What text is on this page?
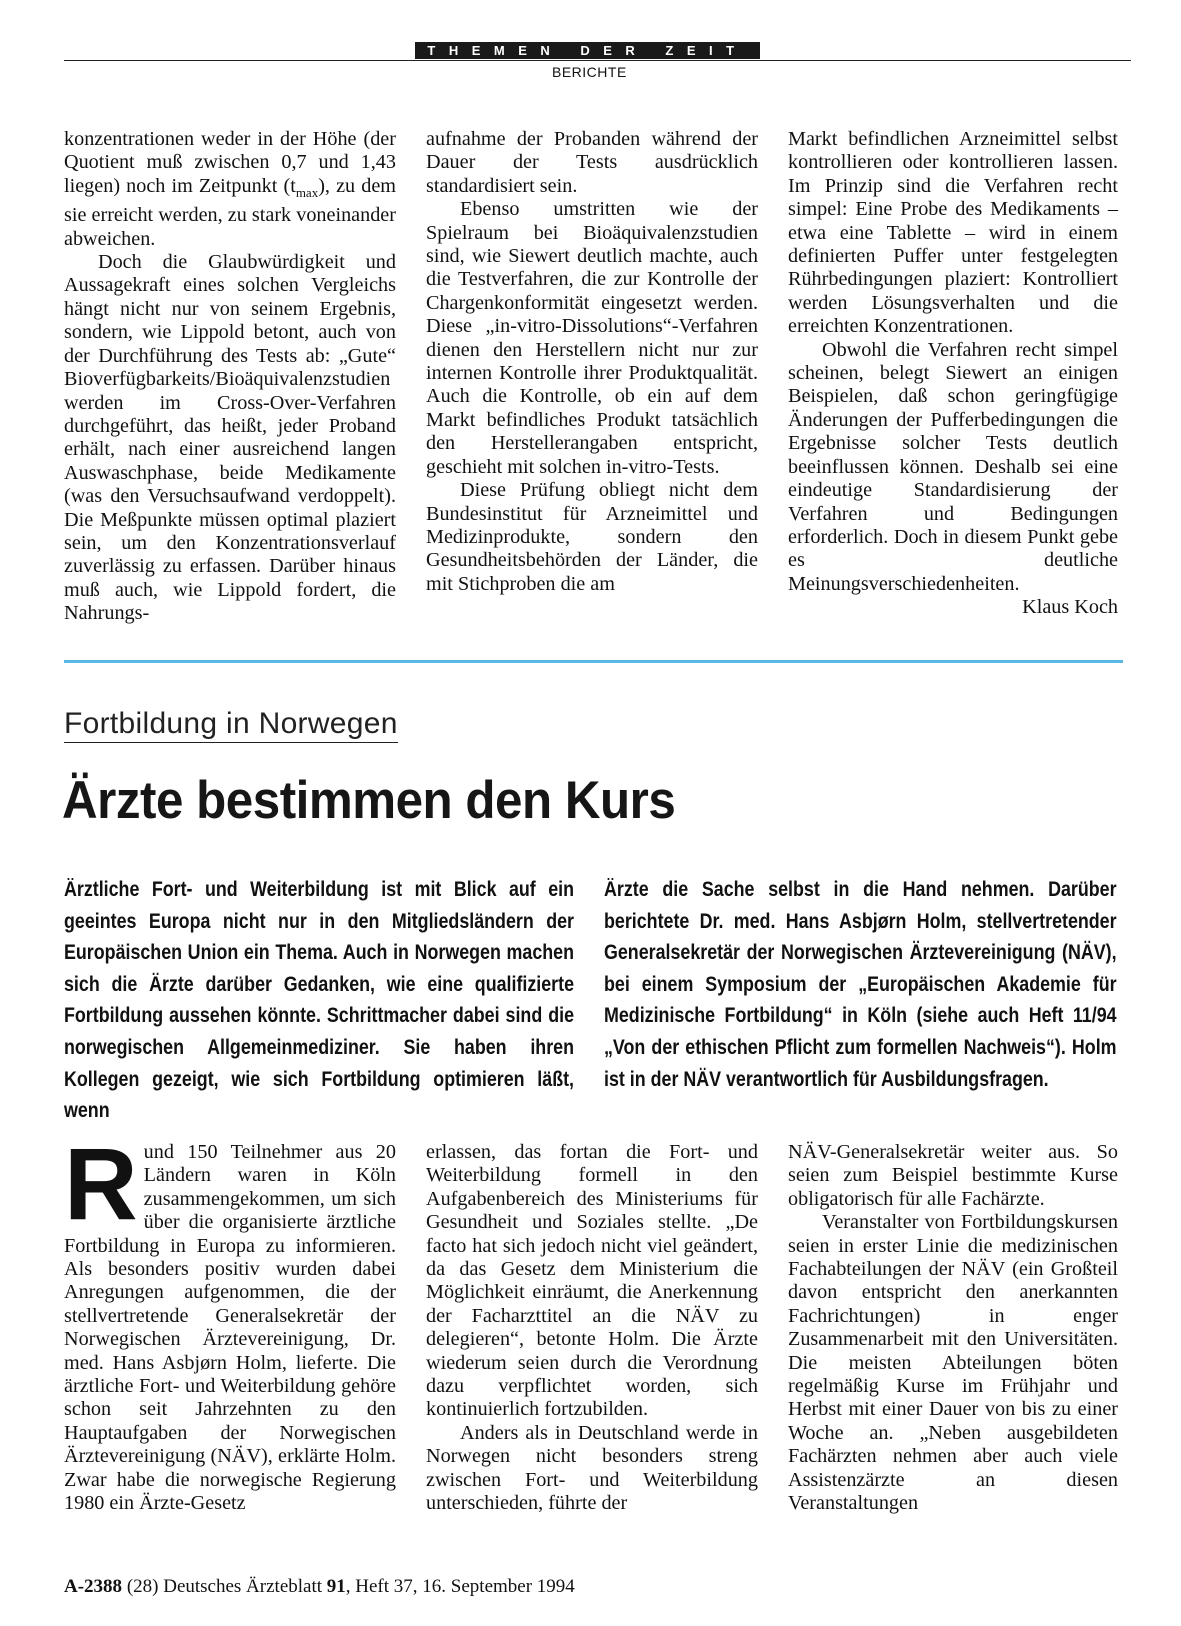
THEMEN DER ZEIT
BERICHTE

konzentrationen weder in der Höhe (der Quotient muß zwischen 0,7 und 1,43 liegen) noch im Zeitpunkt $(t_{max})$, zu dem sie erreicht werden, zu stark voneinander abweichen.

Doch die Glaubwürdigkeit und Aussagekraft eines solchen Vergleichs hängt nicht nur von seinem Ergebnis, sondern, wie Lippold betont, auch von der Durchführung des Tests ab: „Gute“ Bioverfügbarkeits/Bioäquivalenzstudien werden im Cross-Over-Verfahren durchgeführt, das heißt, jeder Proband erhält, nach einer ausreichend langen Auswaschphase, beide Medikamente (was den Versuchsaufwand verdoppelt). Die Meßpunkte müssen optimal plaziert sein, um den Konzentrationsverlauf zuverlässig zu erfassen. Darüber hinaus muß auch, wie Lippold fordert, die Nahrungs-

aufnahme der Probanden während der Dauer der Tests ausdrücklich standardisiert sein.

Ebenso umstritten wie der Spielraum bei Bioäquivalenzstudien sind, wie Siewert deutlich machte, auch die Testverfahren, die zur Kontrolle der Chargenkonformität eingesetzt werden. Diese „in-vitro-Dissolutions“-Verfahren dienen den Herstellern nicht nur zur internen Kontrolle ihrer Produktqualität. Auch die Kontrolle, ob ein auf dem Markt befindliches Produkt tatsächlich den Herstellerangaben entspricht, geschieht mit solchen in-vitro-Tests.

Diese Prüfung obliegt nicht dem Bundesinstitut für Arzneimittel und Medizinprodukte, sondern den Gesundheitsbehörden der Länder, die mit Stichproben die am

Markt befindlichen Arzneimittel selbst kontrollieren oder kontrollieren lassen. Im Prinzip sind die Verfahren recht simpel: Eine Probe des Medikaments – etwa eine Tablette – wird in einem definierten Puffer unter festgelegten Rührbedingungen plaziert: Kontrolliert werden Lösungsverhalten und die erreichten Konzentrationen.

Obwohl die Verfahren recht simpel scheinen, belegt Siewert an einigen Beispielen, daß schon geringfügige Änderungen der Pufferbedingungen die Ergebnisse solcher Tests deutlich beeinflussen können. Deshalb sei eine eindeutige Standardisierung der Verfahren und Bedingungen erforderlich. Doch in diesem Punkt gebe es deutliche Meinungsverschiedenheiten.

Klaus Koch

Fortbildung in Norwegen
Ärzte bestimmen den Kurs
Ärztliche Fort- und Weiterbildung ist mit Blick auf ein geeintes Europa nicht nur in den Mitgliedsländern der Europäischen Union ein Thema. Auch in Norwegen machen sich die Ärzte darüber Gedanken, wie eine qualifizierte Fortbildung aussehen könnte. Schrittmacher dabei sind die norwegischen Allgemeinmediziner. Sie haben ihren Kollegen gezeigt, wie sich Fortbildung optimieren läßt, wenn
Ärzte die Sache selbst in die Hand nehmen. Darüber berichtete Dr. med. Hans Asbjørn Holm, stellvertretender Generalsekretär der Norwegischen Ärztevereinigung (NÄV), bei einem Symposium der „Europäischen Akademie für Medizinische Fortbildung“ in Köln (siehe auch Heft 11/94 „Von der ethischen Pflicht zum formellen Nachweis“). Holm ist in der NÄV verantwortlich für Ausbildungsfragen.
R und 150 Teilnehmer aus 20 Ländern waren in Köln zusammengekommen, um sich über die organisierte ärztliche Fortbildung in Europa zu informieren. Als besonders positiv wurden dabei Anregungen aufgenommen, die der stellvertretende Generalsekretär der Norwegischen Ärztevereinigung, Dr. med. Hans Asbjørn Holm, lieferte. Die ärztliche Fort- und Weiterbildung gehöre schon seit Jahrzehnten zu den Hauptaufgaben der Norwegischen Ärztevereinigung (NÄV), erklärte Holm. Zwar habe die norwegische Regierung 1980 ein Ärzte-Gesetz

erlassen, das fortan die Fort- und Weiterbildung formell in den Aufgabenbereich des Ministeriums für Gesundheit und Soziales stellte. „De facto hat sich jedoch nicht viel geändert, da das Gesetz dem Ministerium die Möglichkeit einräumt, die Anerkennung der Facharzttitel an die NÄV zu delegieren“, betonte Holm. Die Ärzte wiederum seien durch die Verordnung dazu verpflichtet worden, sich kontinuierlich fortzubilden.

Anders als in Deutschland werde in Norwegen nicht besonders streng zwischen Fort- und Weiterbildung unterschieden, führte der

NÄV-Generalsekretär weiter aus. So seien zum Beispiel bestimmte Kurse obligatorisch für alle Fachärzte.

Veranstalter von Fortbildungskursen seien in erster Linie die medizinischen Fachabteilungen der NÄV (ein Großteil davon entspricht den anerkannten Fachrichtungen) in enger Zusammenarbeit mit den Universitäten. Die meisten Abteilungen böten regelmäßig Kurse im Frühjahr und Herbst mit einer Dauer von bis zu einer Woche an. „Neben ausgebildeten Fachärzten nehmen aber auch viele Assistenzärzte an diesen Veranstaltungen

A-2388 (28) Deutsches Ärzteblatt 91, Heft 37, 16. September 1994
